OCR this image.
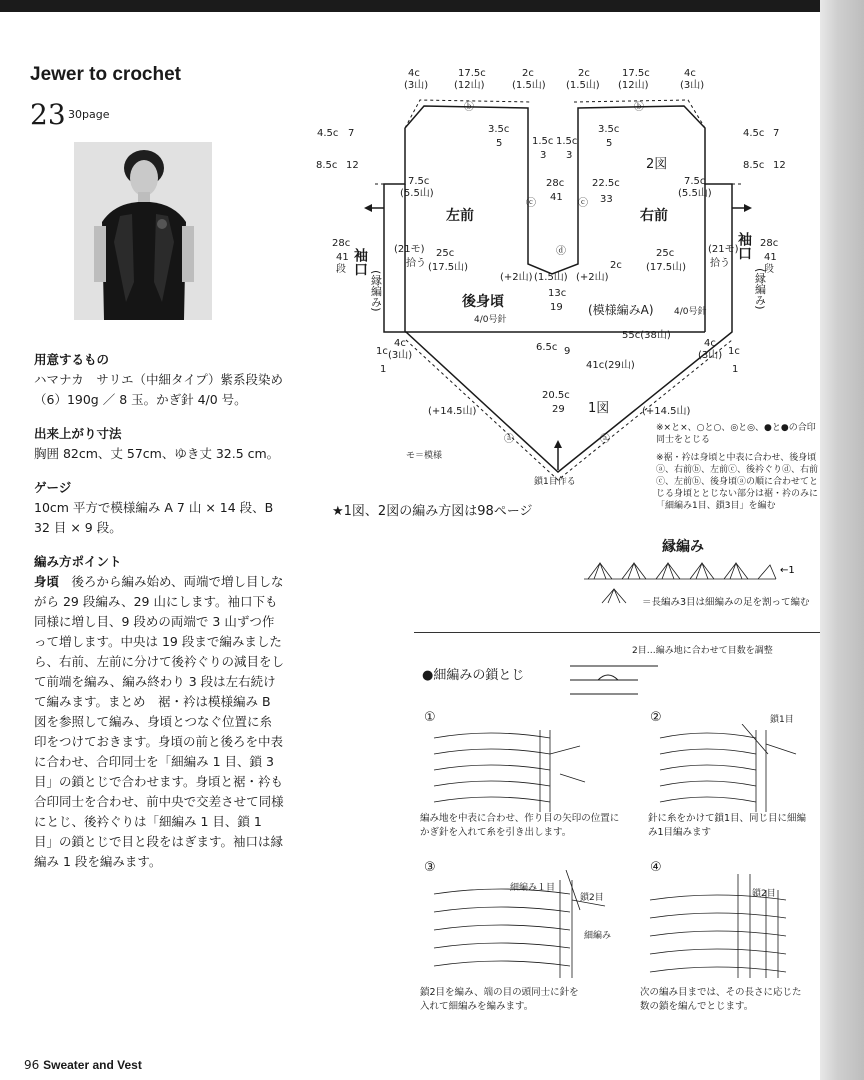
Jewer to crochet
23 30page
用意するもの

ハマナカ　サリエ（中細タイプ）紫系段染め（6）190g ／ 8 玉。かぎ針 4/0 号。

出来上がり寸法

胸囲 82cm、丈 57cm、ゆき丈 32.5 cm。

ゲージ

10cm 平方で模様編み A 7 山 × 14 段、B 32 目 × 9 段。

編み方ポイント
身頃　 後ろから編み始め、両端で増し目しながら 29 段編み、29 山にします。袖口下も同様に増し目、9 段めの両端で 3 山ずつ作って増します。中央は 19 段まで編みましたら、右前、左前に分けて後衿ぐりの減目をして前端を編み、編み終わり 3 段は左右続けて編みます。まとめ　裾・衿は模様編み B 図を参照して編み、身頃とつなぐ位置に糸印をつけておきます。身頃の前と後ろを中表に合わせ、合印同士を「細編み 1 目、鎖 3 目」の鎖とじで合わせます。身頃と裾・衿も合印同士を合わせ、前中央で交差させて同様にとじ、後衿ぐりは「細編み 1 目、鎖 1 目」の鎖とじで目と段をはぎます。袖口は縁編み 1 段を編みます。
4c
(3山)
17.5c
(12山)
2c
(1.5山)
2c
(1.5山)
17.5c
(12山)
4c
(3山)
ⓑ	ⓑ
4.5c 7
8.5c 12
28c
41
段
4.5c 7
8.5c 12
28c
41
段
袖口
(縁編み)
袖口
(縁編み)
7.5c
(5.5山)
7.5c
(5.5山)
3.5c
5
3.5c
5
1.5c 1.5c
3 3
28c
41
ⓒ	ⓒ
22.5c
33
ⓓ
左前	右前
2図
(21モ)
拾う
(21モ)
拾う
25c
(17.5山)
25c
(17.5山)
(+2山)	(+2山)
2c
(1.5山)
13c
19
後身頃
4/0号針
(模様編みA) 4/0号針
55c(38山)
4c
(3山)
1c
1
4c
(3山) 1c
1
6.5c 9
41c(29山)
20.5c
29 1図
(+14.5山)	(+14.5山)
ⓐ	ⓐ
モ＝模様
鎖1目作る
★1図、2図の編み方図は98ページ

※×と×、○と○、◎と◎、●と●の合印同士をとじる

※裾・衿は身頃と中表に合わせ、後身頃ⓐ、右前ⓑ、左前ⓒ、後衿ぐりⓓ、右前ⓒ、左前ⓑ、後身頃ⓐの順に合わせてとじる身頃ととじない部分は裾・衿のみに「細編み1目、鎖3目」を編む

縁編み
←1
＝長編み3目は細編みの足を割って編む
2目…編み地に合わせて目数を調整
●細編みの鎖とじ
①	②
③	④
鎖1目
細編み１目
鎖2目
細編み
鎖2目
編み地を中表に合わせ、作り目の矢印の位置にかぎ針を入れて糸を引き出します。
針に糸をかけて鎖1目、同じ目に細編み1目編みます
鎖2目を編み、端の目の頭同士に針を入れて細編みを編みます。
次の編み目までは、その長さに応じた数の鎖を編んでとじます。
96 Sweater and Vest
